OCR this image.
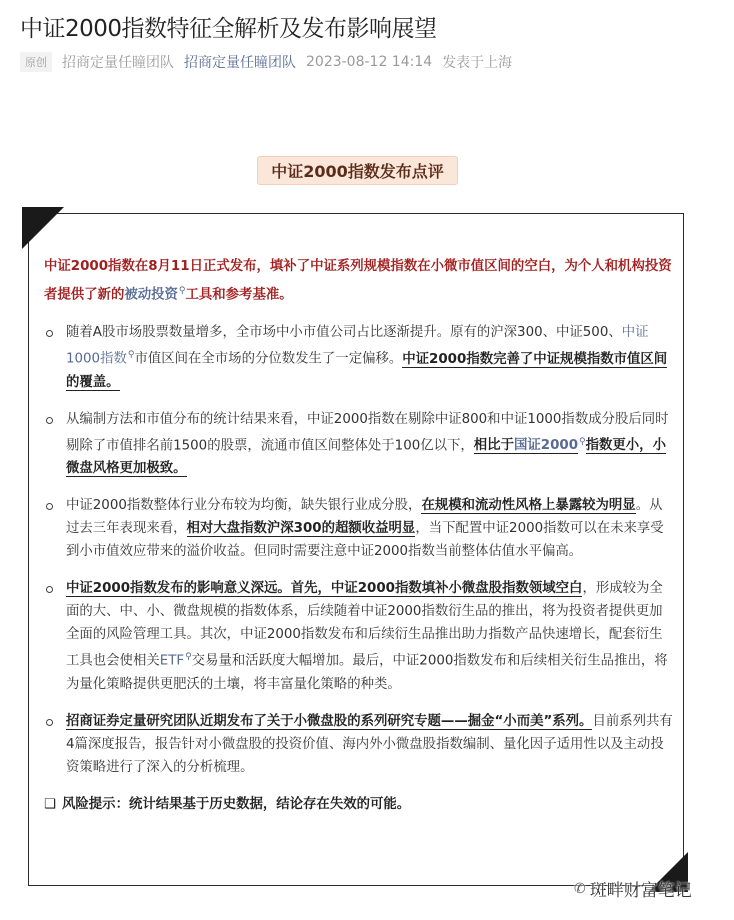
中证2000指数特征全解析及发布影响展望
原创	招商定量任瞳团队 招商定量任瞳团队 2023-08-12 14:14 发表于上海
中证2000指数发布点评

中证2000指数在8月11日正式发布，填补了中证系列规模指数在小微市值区间的空白，为个人和机构投资者提供了新的被动投资⚲工具和参考基准。

随着A股市场股票数量增多，全市场中小市值公司占比逐渐提升。原有的沪深300、中证500、中证1000指数⚲市值区间在全市场的分位数发生了一定偏移。中证2000指数完善了中证规模指数市值区间的覆盖。
从编制方法和市值分布的统计结果来看，中证2000指数在剔除中证800和中证1000指数成分股后同时剔除了市值排名前1500的股票，流通市值区间整体处于100亿以下，相比于国证2000⚲指数更小，小微盘风格更加极致。
中证2000指数整体行业分布较为均衡，缺失银行业成分股，在规模和流动性风格上暴露较为明显。从过去三年表现来看，相对大盘指数沪深300的超额收益明显，当下配置中证2000指数可以在未来享受到小市值效应带来的溢价收益。但同时需要注意中证2000指数当前整体估值水平偏高。
中证2000指数发布的影响意义深远。首先，中证2000指数填补小微盘股指数领域空白，形成较为全面的大、中、小、微盘规模的指数体系，后续随着中证2000指数衍生品的推出，将为投资者提供更加全面的风险管理工具。其次，中证2000指数发布和后续衍生品推出助力指数产品快速增长，配套衍生工具也会使相关ETF⚲交易量和活跃度大幅增加。最后，中证2000指数发布和后续相关衍生品推出，将为量化策略提供更肥沃的土壤，将丰富量化策略的种类。
招商证券定量研究团队近期发布了关于小微盘股的系列研究专题——掘金“小而美”系列。目前系列共有4篇深度报告，报告针对小微盘股的投资价值、海内外小微盘股指数编制、量化因子适用性以及主动投资策略进行了深入的分析梳理。

❑ 风险提示：统计结果基于历史数据，结论存在失效的可能。

✆ 斑畔财富笔记
